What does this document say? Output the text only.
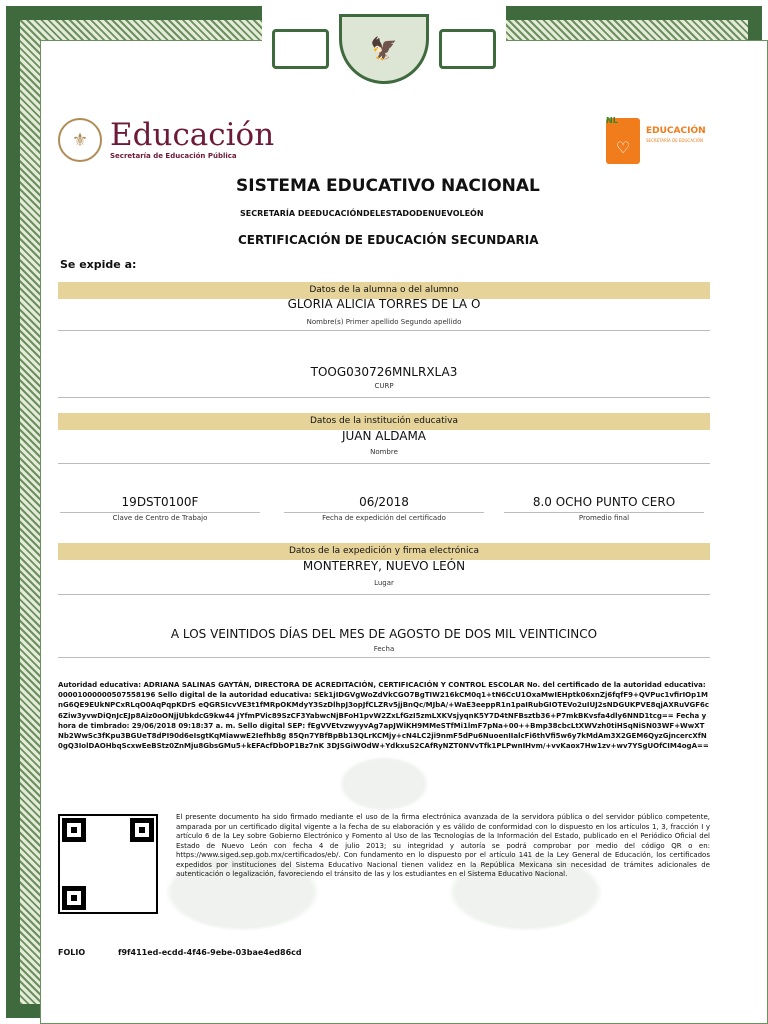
🦅
⚜ Educación
Secretaría de Educación Pública
NL
♡
EDUCACIÓN
SECRETARÍA DE EDUCACIÓN
SISTEMA EDUCATIVO NACIONAL
SECRETARÍA DEEDUCACIÓNDELESTADODENUEVOLEÓN
CERTIFICACIÓN DE EDUCACIÓN SECUNDARIA
Se expide a:
Datos de la alumna o del alumno
GLORIA ALICIA TORRES DE LA O
Nombre(s) Primer apellido Segundo apellido
TOOG030726MNLRXLA3
CURP
Datos de la institución educativa
JUAN ALDAMA
Nombre
19DST0100F
Clave de Centro de Trabajo
06/2018
Fecha de expedición del certificado
8.0 OCHO PUNTO CERO
Promedio final
Datos de la expedición y firma electrónica
MONTERREY, NUEVO LEÓN
Lugar
A LOS VEINTIDOS DÍAS DEL MES DE AGOSTO DE DOS MIL VEINTICINCO
Fecha
Autoridad educativa: ADRIANA SALINAS GAYTÁN, DIRECTORA DE ACREDITACIÓN, CERTIFICACIÓN Y CONTROL ESCOLAR No. del certificado de la autoridad educativa: 00001000000507558196 Sello digital de la autoridad educativa: SEk1jIDGVgWoZdVkCGO7BgTIW216kCM0q1+tN6CcU1OxaMwIEHptk06xnZj6fqfF9+QVPuc1vfirIOp1MnG6QE9EUkNPCxRLqO0AqPqpKDrS eQGRSIcvVE3t1fMRpOKMdyY3SzDlhpJ3opJfCLZRv5jjBnQc/MJbA/+WaE3eeppR1n1paIRubGIOTEVo2uIUJ2sNDGUKPVE8qjAXRuVGF6c6Ziw3yvwDiQnJcEJp8Aiz0oONjjUbkdcG9kw44 jYfmPVic89SzCF3YabwcNjBFoH1pvW2ZxLfGzI5zmLXKVsjyqnK5Y7D4tNFBsztb36+P7mkBKvsfa4dly6NND1tcg== Fecha y hora de timbrado: 29/06/2018 09:18:37 a. m. Sello digital SEP: fEgVVEtvzwyyvAg7apJWiKH9MMeSTfMi1lmF7pNa+00++Bmp38cbcLtXWVzh0tiHSqNiSN03WF+WwXTNb2WwSc3fKpu3BGUeT8dPI90d6eIsgtKqMiawwE2Iefhb8g 85Qn7YBfBpBb13QLrKCMjy+cN4LC2ji9nmF5dPu6NuoenIIalcFi6thVfi5w6y7kMdAm3X2GEM6QyzGjncercXfN0gQ3IolDAOHbqScxwEeBStz0ZnMju8GbsGMu5+kEFAcfDbOP1Bz7nK 3DJSGiWOdW+YdkxuS2CAfRyNZT0NVvTfk1PLPwnIHvm/+vvKaox7Hw1zv+wv7YSgUOfCIM4ogA==
El presente documento ha sido firmado mediante el uso de la firma electrónica avanzada de la servidora pública o del servidor público competente, amparada por un certificado digital vigente a la fecha de su elaboración y es válido de conformidad con lo dispuesto en los artículos 1, 3, fracción I y artículo 6 de la Ley sobre Gobierno Electrónico y Fomento al Uso de las Tecnologías de la Información del Estado, publicado en el Periódico Oficial del Estado de Nuevo León con fecha 4 de julio 2013; su integridad y autoría se podrá comprobar por medio del código QR o en: https://www.siged.sep.gob.mx/certificados/eb/. Con fundamento en lo dispuesto por el artículo 141 de la Ley General de Educación, los certificados expedidos por instituciones del Sistema Educativo Nacional tienen validez en la República Mexicana sin necesidad de trámites adicionales de autenticación o legalización, favoreciendo el tránsito de las y los estudiantes en el Sistema Educativo Nacional.
FOLIO	f9f411ed-ecdd-4f46-9ebe-03bae4ed86cd
